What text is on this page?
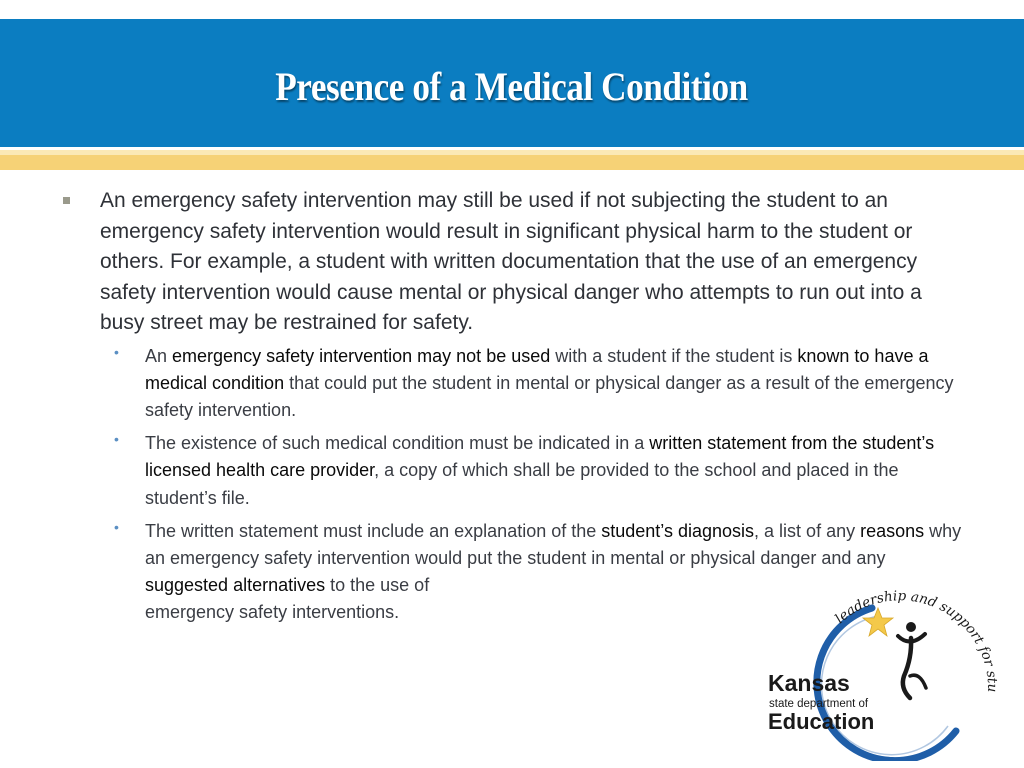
Presence of a Medical Condition
An emergency safety intervention may still be used if not subjecting the student to an emergency safety intervention would result in significant physical harm to the student or others. For example, a student with written documentation that the use of an emergency safety intervention would cause mental or physical danger who attempts to run out into a busy street may be restrained for safety.
• An emergency safety intervention may not be used with a student if the student is known to have a medical condition that could put the student in mental or physical danger as a result of the emergency safety intervention.
• The existence of such medical condition must be indicated in a written statement from the student’s licensed health care provider, a copy of which shall be provided to the school and placed in the student’s file.
• The written statement must include an explanation of the student’s diagnosis, a list of any reasons why an emergency safety intervention would put the student in mental or physical danger and any suggested alternatives to the use of
emergency safety interventions.	leadership and support for stu
Kansas
state department of
Education
